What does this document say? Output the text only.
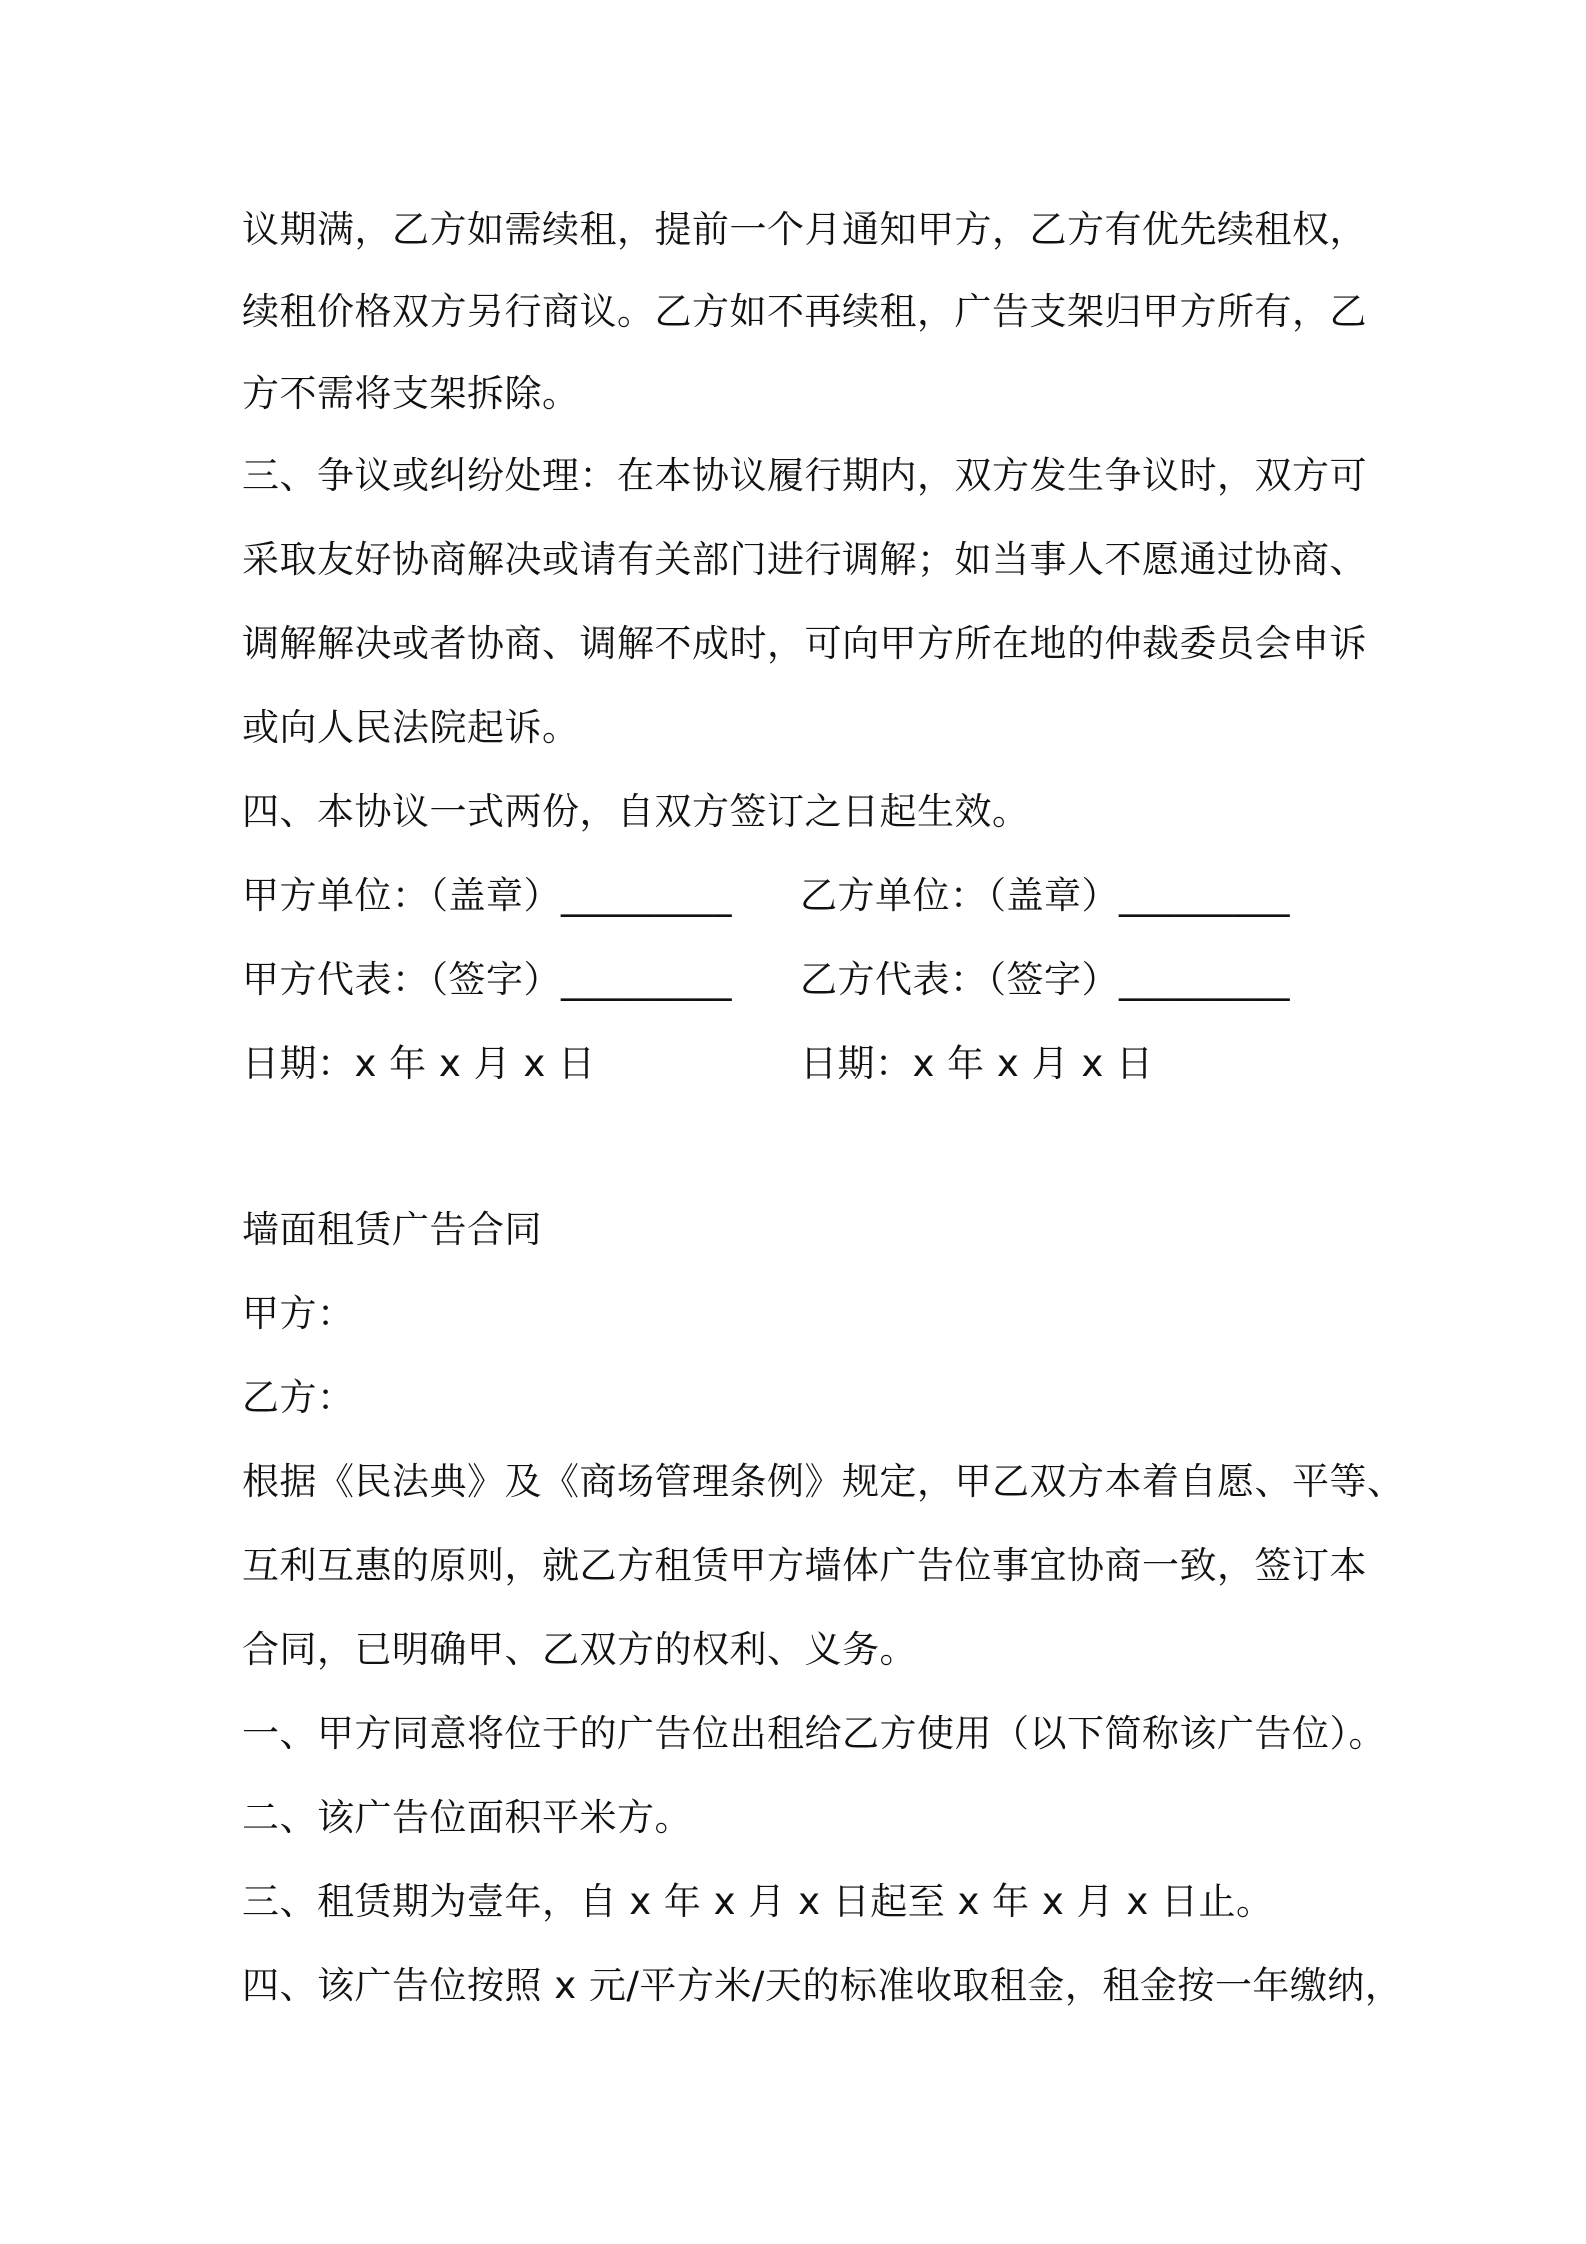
议期满，乙方如需续租，提前一个月通知甲方，乙方有优先续租权，
续租价格双方另行商议。乙方如不再续租，广告支架归甲方所有，乙
方不需将支架拆除。
三、争议或纠纷处理：在本协议履行期内，双方发生争议时，双方可
采取友好协商解决或请有关部门进行调解；如当事人不愿通过协商、
调解解决或者协商、调解不成时，可向甲方所在地的仲裁委员会申诉
或向人民法院起诉。
四、本协议一式两份，自双方签订之日起生效。
甲方单位：（盖章）_________ 乙方单位：（盖章）_________
甲方代表：（签字）_________ 乙方代表：（签字）_________
日期：x 年 x 月 x 日	日期：x 年 x 月 x 日
墙面租赁广告合同
甲方：
乙方：
根据《民法典》及《商场管理条例》规定，甲乙双方本着自愿、平等、
互利互惠的原则，就乙方租赁甲方墙体广告位事宜协商一致，签订本
合同，已明确甲、乙双方的权利、义务。
一、甲方同意将位于的广告位出租给乙方使用（以下简称该广告位）。
二、该广告位面积平米方。
三、租赁期为壹年，自 x 年 x 月 x 日起至 x 年 x 月 x 日止。
四、该广告位按照 x 元/平方米/天的标准收取租金，租金按一年缴纳，
